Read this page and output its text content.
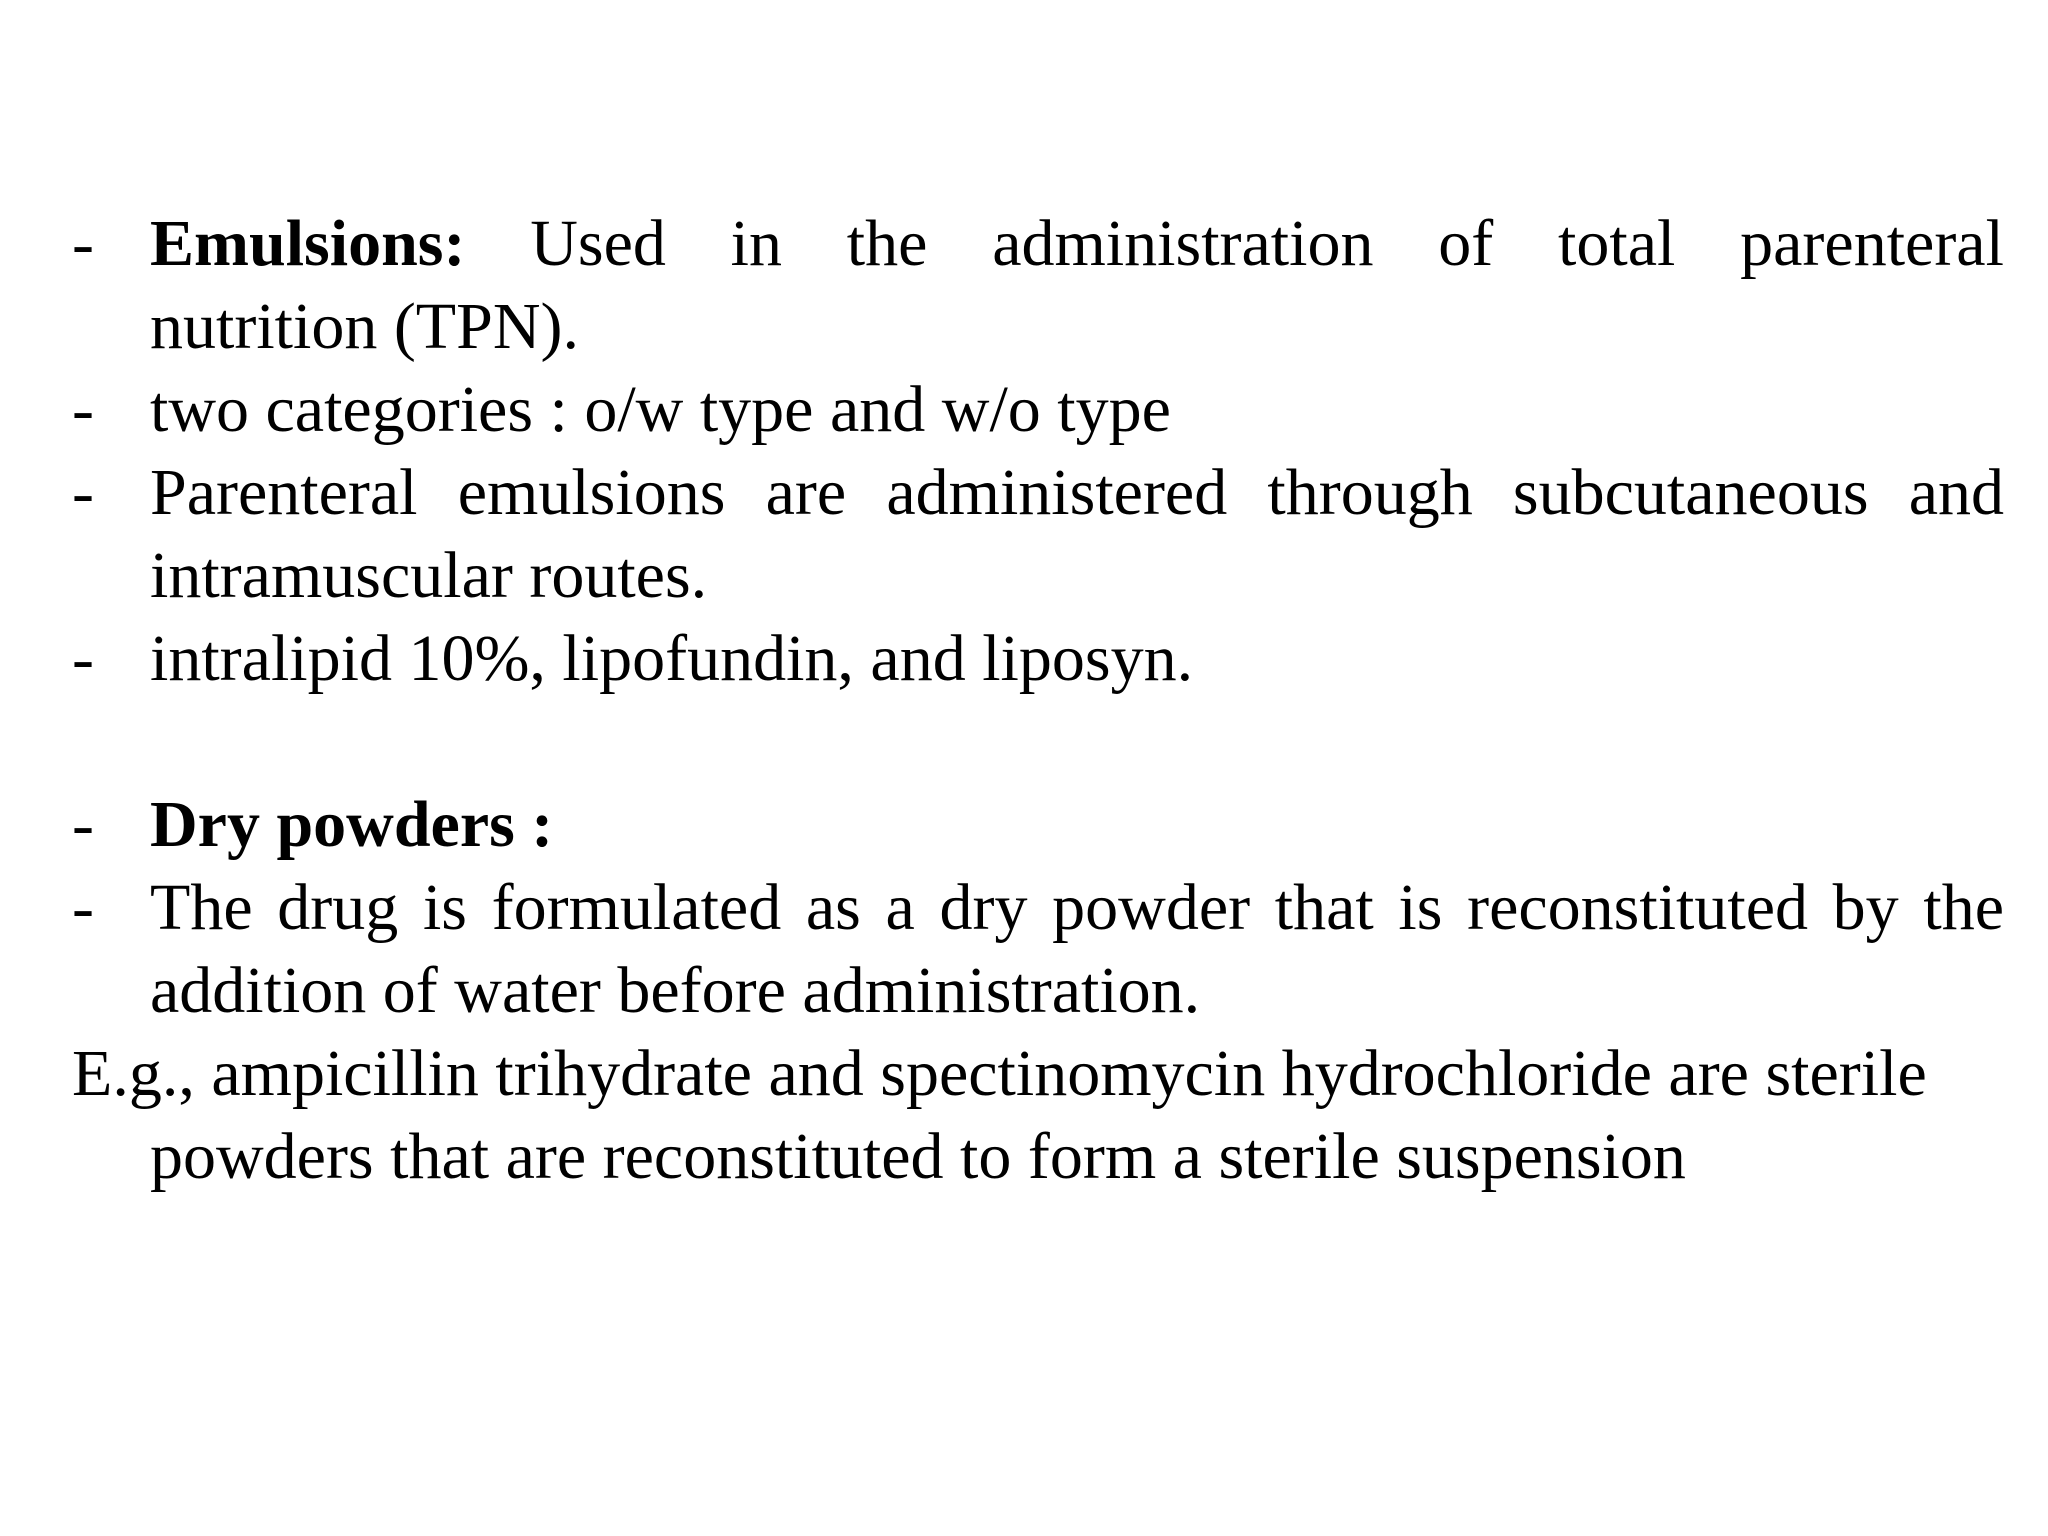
- Emulsions: Used in the administration of total parenteral
nutrition (TPN).
- two categories : o/w type and w/o type
- Parenteral emulsions are administered through subcutaneous and intramuscular routes.
- intralipid 10%, lipofundin, and liposyn.
- Dry powders :
- The drug is formulated as a dry powder that is reconstituted by the addition of water before administration.
E.g., ampicillin trihydrate and spectinomycin hydrochloride are sterile
powders that are reconstituted to form a sterile suspension
